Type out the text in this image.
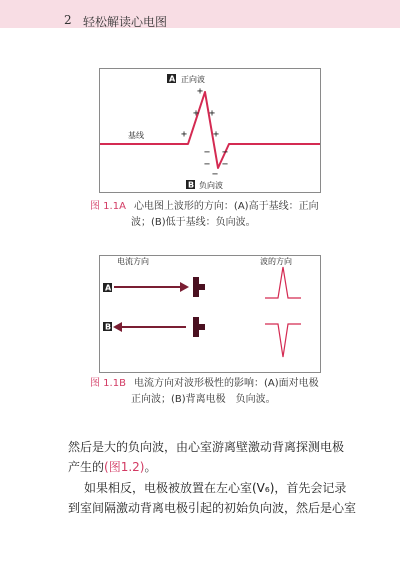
2 轻松解读心电图
A 正向波
+
+ +
+	+
− −
− −
−
基线
B 负向波
图 1.1A 心电图上波形的方向：(A)高于基线：正向
波；(B)低于基线：负向波。
电流方向	波的方向
A
B
图 1.1B 电流方向对波形极性的影响：(A)面对电极
正向波；(B)背离电极　负向波。
然后是大的负向波，由心室游离壁激动背离探测电极
产生的(图1.2)。
如果相反，电极被放置在左心室(V₆)，首先会记录
到室间隔激动背离电极引起的初始负向波，然后是心室
